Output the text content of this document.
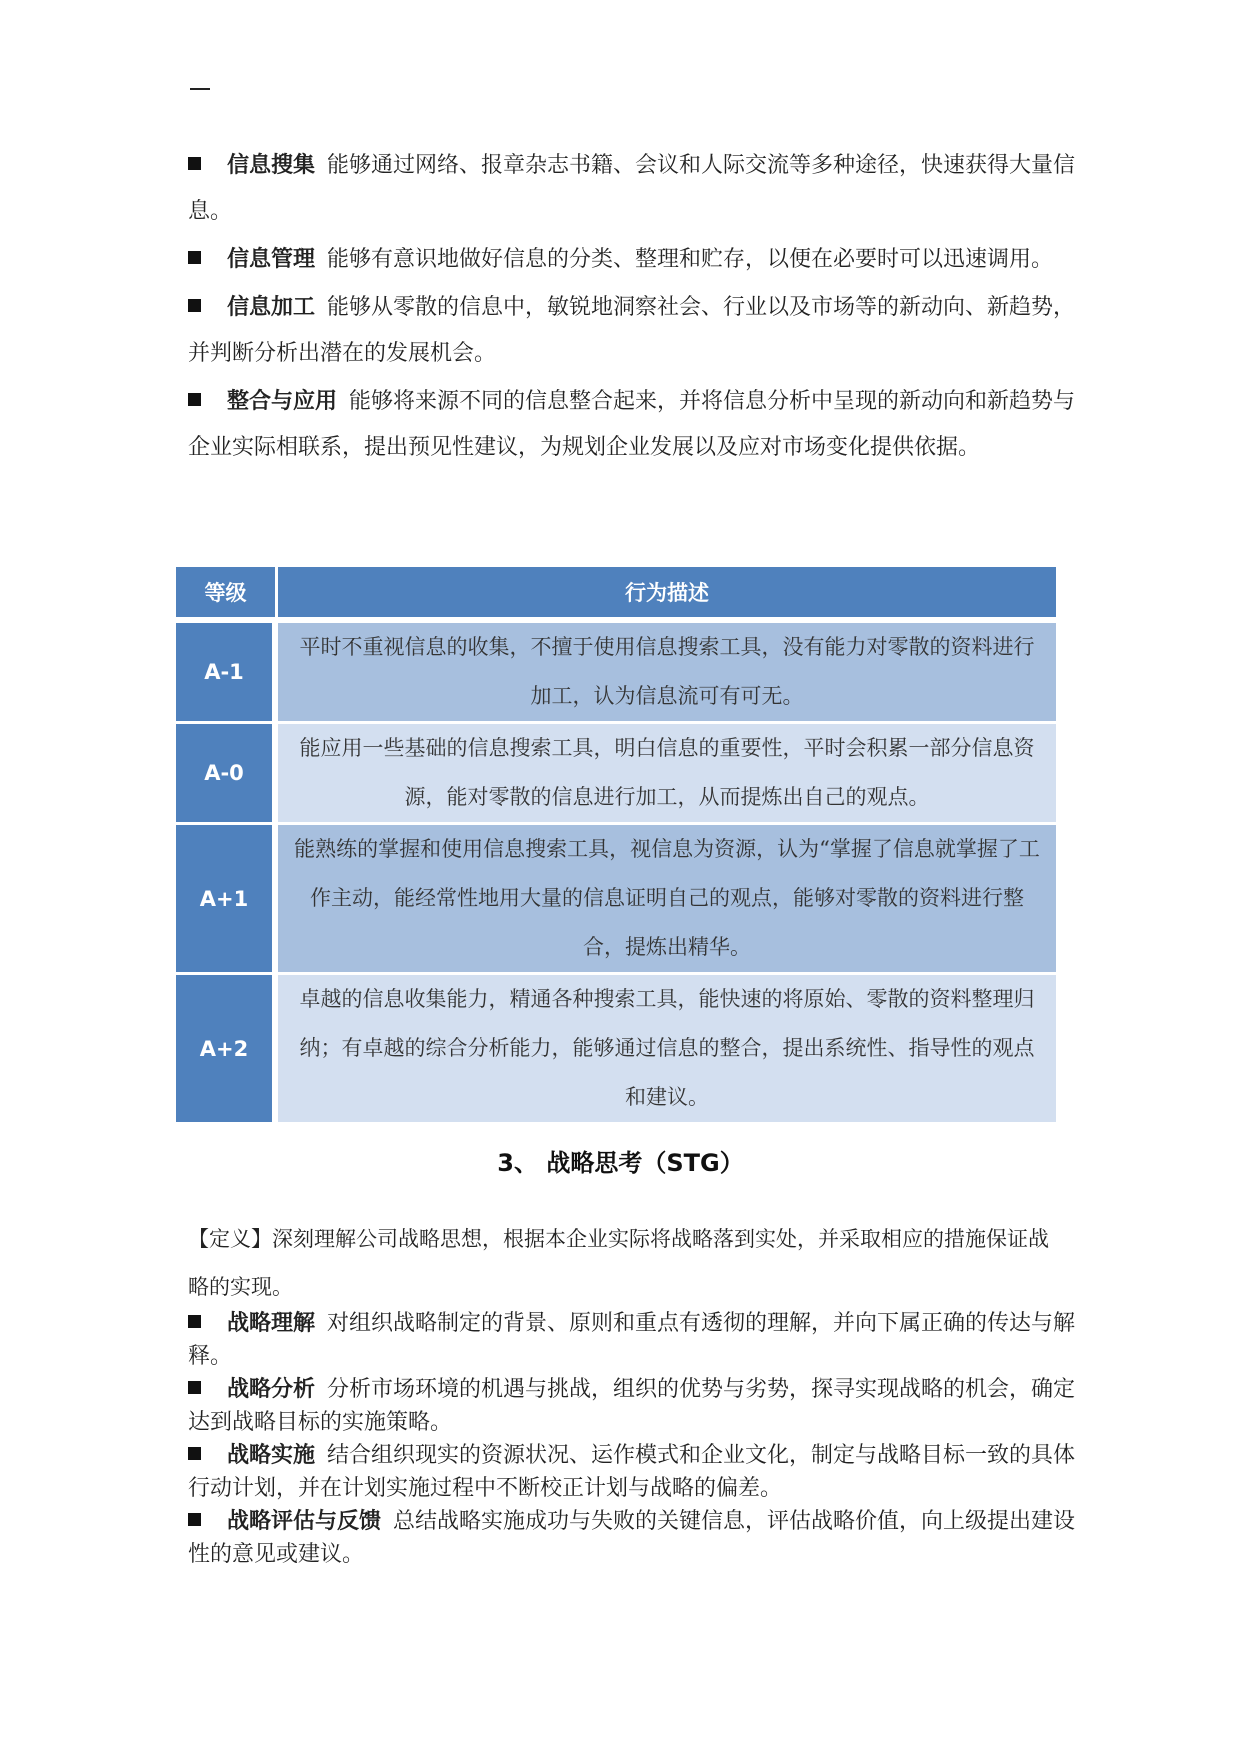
信息搜集 能够通过网络、报章杂志书籍、会议和人际交流等多种途径，快速获得大量信息。
信息管理 能够有意识地做好信息的分类、整理和贮存，以便在必要时可以迅速调用。
信息加工 能够从零散的信息中，敏锐地洞察社会、行业以及市场等的新动向、新趋势，并判断分析出潜在的发展机会。
整合与应用 能够将来源不同的信息整合起来，并将信息分析中呈现的新动向和新趋势与企业实际相联系，提出预见性建议，为规划企业发展以及应对市场变化提供依据。
等级	行为描述
A-1	平时不重视信息的收集，不擅于使用信息搜索工具，没有能力对零散的资料进行加工，认为信息流可有可无。
A-0	能应用一些基础的信息搜索工具，明白信息的重要性，平时会积累一部分信息资源，能对零散的信息进行加工，从而提炼出自己的观点。
A+1	能熟练的掌握和使用信息搜索工具，视信息为资源，认为“掌握了信息就掌握了工作主动，能经常性地用大量的信息证明自己的观点，能够对零散的资料进行整合，提炼出精华。
A+2	卓越的信息收集能力，精通各种搜索工具，能快速的将原始、零散的资料整理归纳；有卓越的综合分析能力，能够通过信息的整合，提出系统性、指导性的观点和建议。
3、 战略思考（STG）
【定义】深刻理解公司战略思想，根据本企业实际将战略落到实处，并采取相应的措施保证战略的实现。
战略理解 对组织战略制定的背景、原则和重点有透彻的理解，并向下属正确的传达与解释。
战略分析 分析市场环境的机遇与挑战，组织的优势与劣势，探寻实现战略的机会，确定达到战略目标的实施策略。
战略实施 结合组织现实的资源状况、运作模式和企业文化，制定与战略目标一致的具体行动计划，并在计划实施过程中不断校正计划与战略的偏差。
战略评估与反馈 总结战略实施成功与失败的关键信息，评估战略价值，向上级提出建设性的意见或建议。
